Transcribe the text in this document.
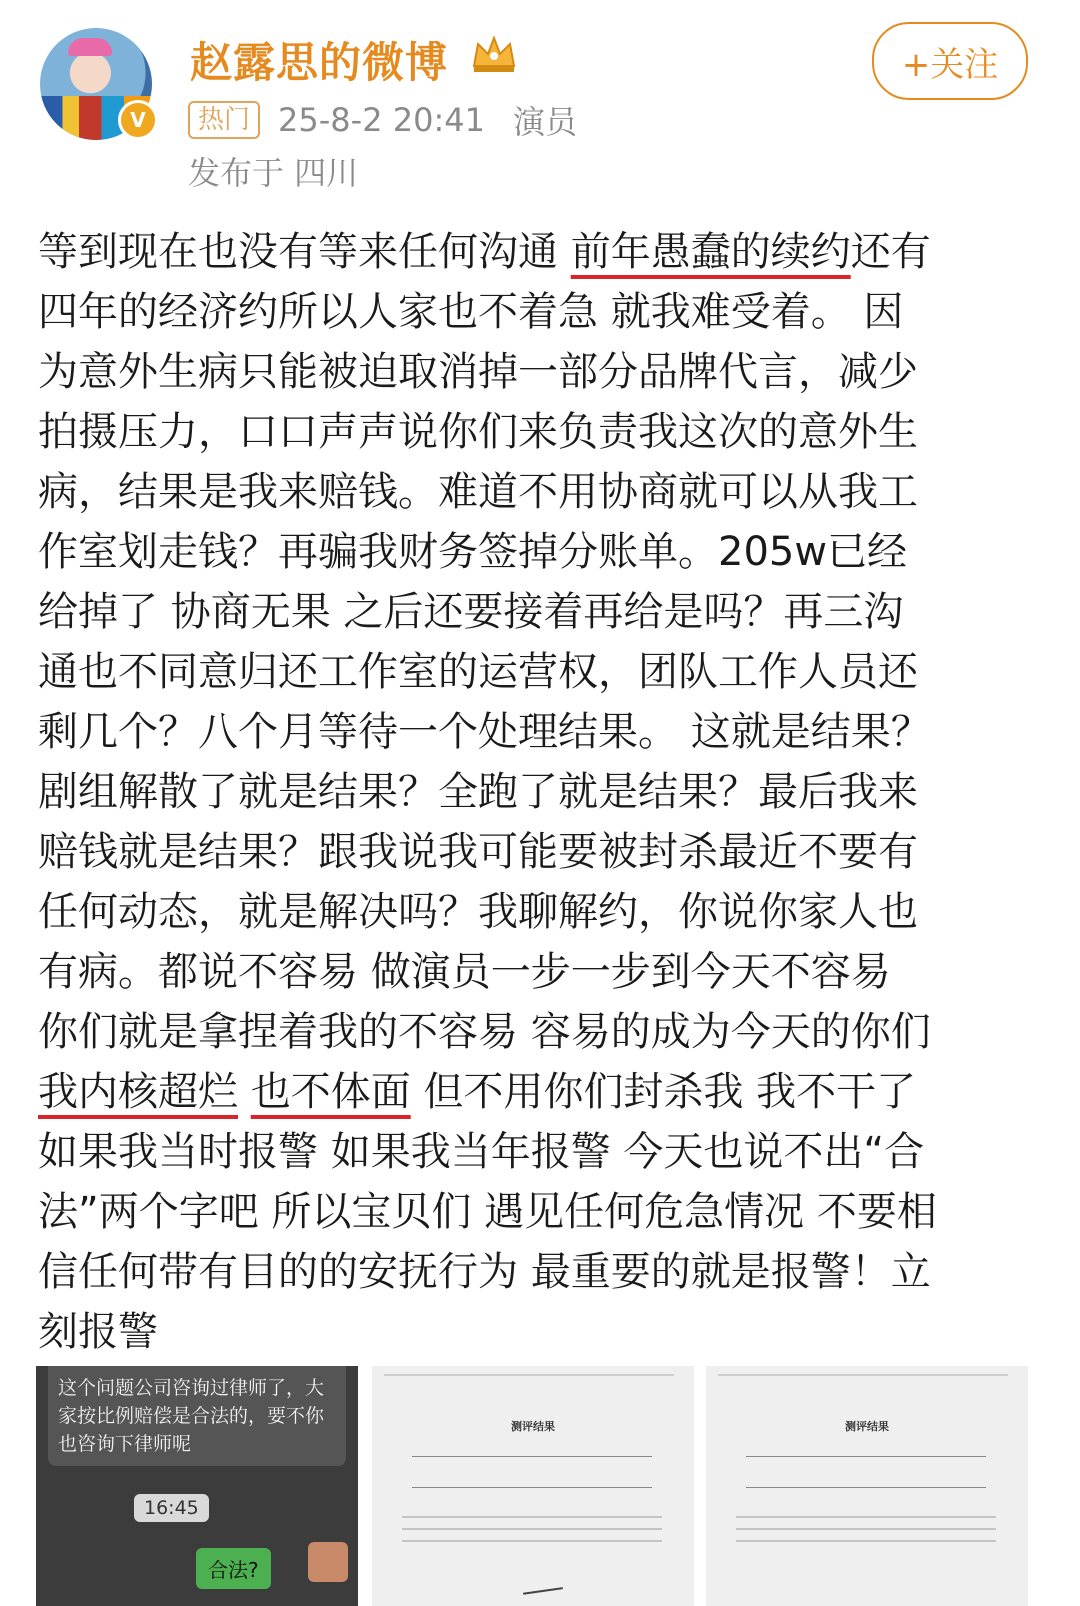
V
赵露思的微博	+关注
热门 25-8-2 20:41 演员
发布于 四川
等到现在也没有等来任何沟通 前年愚蠢的续约还有
四年的经济约所以人家也不着急 就我难受着。 因
为意外生病只能被迫取消掉一部分品牌代言，减少
拍摄压力，口口声声说你们来负责我这次的意外生
病，结果是我来赔钱。难道不用协商就可以从我工
作室划走钱？再骗我财务签掉分账单。205w已经
给掉了 协商无果 之后还要接着再给是吗？再三沟
通也不同意归还工作室的运营权，团队工作人员还
剩几个？八个月等待一个处理结果。 这就是结果？
剧组解散了就是结果？全跑了就是结果？最后我来
赔钱就是结果？跟我说我可能要被封杀最近不要有
任何动态，就是解决吗？我聊解约，你说你家人也
有病。都说不容易 做演员一步一步到今天不容易
你们就是拿捏着我的不容易 容易的成为今天的你们
我内核超烂 也不体面 但不用你们封杀我 我不干了
如果我当时报警 如果我当年报警 今天也说不出“合
法”两个字吧 所以宝贝们 遇见任何危急情况 不要相
信任何带有目的的安抚行为 最重要的就是报警！立
刻报警
这个问题公司咨询过律师了，大家按比例赔偿是合法的，要不你也咨询下律师呢
16:45
合法?
测评结果	测评结果
